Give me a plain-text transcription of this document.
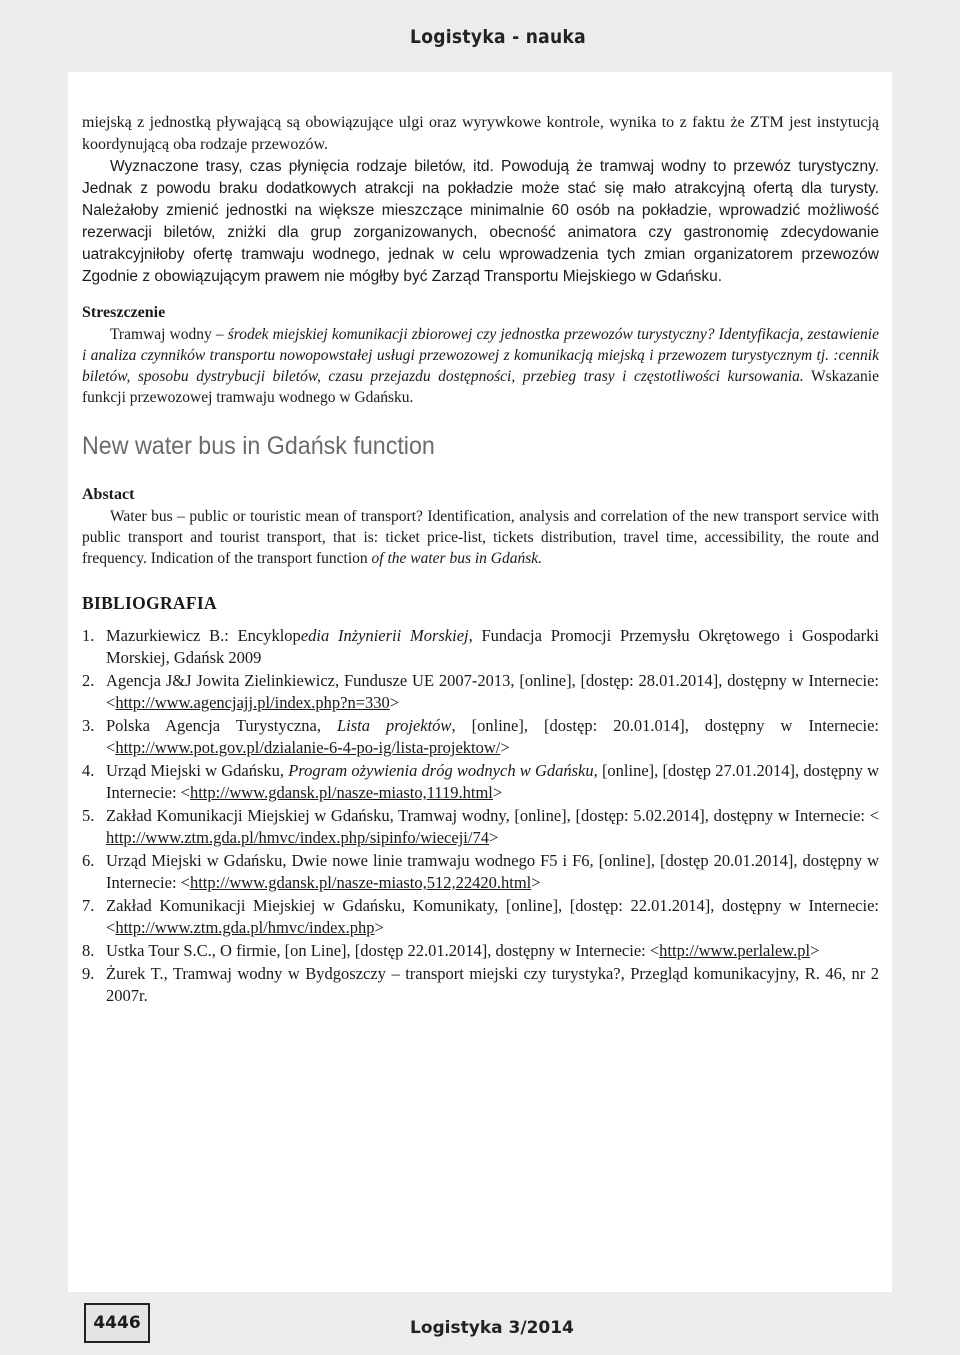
Logistyka - nauka

miejską z jednostką pływającą są obowiązujące ulgi oraz wyrywkowe kontrole, wynika to z faktu że ZTM jest instytucją koordynującą oba rodzaje przewozów.

Wyznaczone trasy, czas płynięcia rodzaje biletów, itd. Powodują że tramwaj wodny to przewóz turystyczny. Jednak z powodu braku dodatkowych atrakcji na pokładzie może stać się mało atrakcyjną ofertą dla turysty. Należałoby zmienić jednostki na większe mieszczące minimalnie 60 osób na pokładzie, wprowadzić możliwość rezerwacji biletów, zniżki dla grup zorganizowanych, obecność animatora czy gastronomię zdecydowanie uatrakcyjniłoby ofertę tramwaju wodnego, jednak w celu wprowadzenia tych zmian organizatorem przewozów Zgodnie z obowiązującym prawem nie mógłby być Zarząd Transportu Miejskiego w Gdańsku.

Streszczenie

Tramwaj wodny – środek miejskiej komunikacji zbiorowej czy jednostka przewozów turystyczny? Identyfikacja, zestawienie i analiza czynników transportu nowopowstałej usługi przewozowej z komunikacją miejską i przewozem turystycznym tj. :cennik biletów, sposobu dystrybucji biletów, czasu przejazdu dostępności, przebieg trasy i częstotliwości kursowania. Wskazanie funkcji przewozowej tramwaju wodnego w Gdańsku.

New water bus in Gdańsk function
Abstact

Water bus – public or touristic mean of transport? Identification, analysis and correlation of the new transport service with public transport and tourist transport, that is: ticket price-list, tickets distribution, travel time, accessibility, the route and frequency. Indication of the transport function of the water bus in Gdańsk.

BIBLIOGRAFIA
1. Mazurkiewicz B.: Encyklopedia Inżynierii Morskiej, Fundacja Promocji Przemysłu Okrętowego i Gospodarki Morskiej, Gdańsk 2009
2. Agencja J&J Jowita Zielinkiewicz, Fundusze UE 2007-2013, [online], [dostęp: 28.01.2014], dostępny w Internecie: <http://www.agencjajj.pl/index.php?n=330>
3. Polska Agencja Turystyczna, Lista projektów, [online], [dostęp: 20.01.014], dostępny w Internecie: <http://www.pot.gov.pl/dzialanie-6-4-po-ig/lista-projektow/>
4. Urząd Miejski w Gdańsku, Program ożywienia dróg wodnych w Gdańsku, [online], [dostęp 27.01.2014], dostępny w Internecie: <http://www.gdansk.pl/nasze-miasto,1119.html>
5. Zakład Komunikacji Miejskiej w Gdańsku, Tramwaj wodny, [online], [dostęp: 5.02.2014], dostępny w Internecie: < http://www.ztm.gda.pl/hmvc/index.php/sipinfo/wieceji/74>
6. Urząd Miejski w Gdańsku, Dwie nowe linie tramwaju wodnego F5 i F6, [online], [dostęp 20.01.2014], dostępny w Internecie: <http://www.gdansk.pl/nasze-miasto,512,22420.html>
7. Zakład Komunikacji Miejskiej w Gdańsku, Komunikaty, [online], [dostęp: 22.01.2014], dostępny w Internecie: <http://www.ztm.gda.pl/hmvc/index.php>
8. Ustka Tour S.C., O firmie, [on Line], [dostęp 22.01.2014], dostępny w Internecie: <http://www.perlalew.pl>
9. Żurek T., Tramwaj wodny w Bydgoszczy – transport miejski czy turystyka?, Przegląd komunikacyjny, R. 46, nr 2 2007r.
4446	Logistyka 3/2014
